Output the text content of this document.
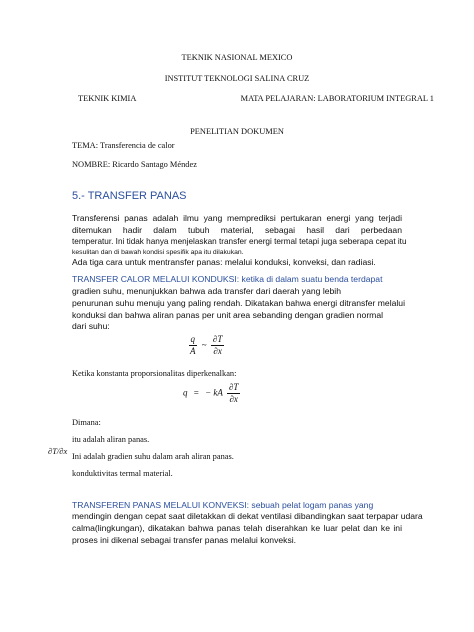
TEKNIK NASIONAL MEXICO
INSTITUT TEKNOLOGI SALINA CRUZ
TEKNIK KIMIA	MATA PELAJARAN: LABORATORIUM INTEGRAL 1
PENELITIAN DOKUMEN
TEMA: Transferencia de calor
NOMBRE: Ricardo Santago Méndez
5.- TRANSFER PANAS
Transferensi panas adalah ilmu yang memprediksi pertukaran energi yang terjadi
ditemukan hadir dalam tubuh material, sebagai hasil dari perbedaan
temperatur. Ini tidak hanya menjelaskan transfer energi termal tetapi juga seberapa cepat itu
kesulitan dan di bawah kondisi spesifik apa itu dilakukan.
Ada tiga cara untuk mentransfer panas: melalui konduksi, konveksi, dan radiasi.
TRANSFER CALOR MELALUI KONDUKSI: ketika di dalam suatu benda terdapat
gradien suhu, menunjukkan bahwa ada transfer dari daerah yang lebih
penurunan suhu menuju yang paling rendah. Dikatakan bahwa energi ditransfer melalui
konduksi dan bahwa aliran panas per unit area sebanding dengan gradien normal
dari suhu:
$\frac{q}{A}$ ~ $\frac{\partial T}{\partial x}$
Ketika konstanta proporsionalitas diperkenalkan:
q = − kA $\frac{\partial T}{\partial x}$
Dimana:
itu adalah aliran panas.
∂T/∂x
Ini adalah gradien suhu dalam arah aliran panas.
konduktivitas termal material.
TRANSFEREN PANAS MELALUI KONVEKSI: sebuah pelat logam panas yang
mendingin dengan cepat saat diletakkan di dekat ventilasi dibandingkan saat terpapar udara
calma(lingkungan), dikatakan bahwa panas telah diserahkan ke luar pelat dan ke ini
proses ini dikenal sebagai transfer panas melalui konveksi.
